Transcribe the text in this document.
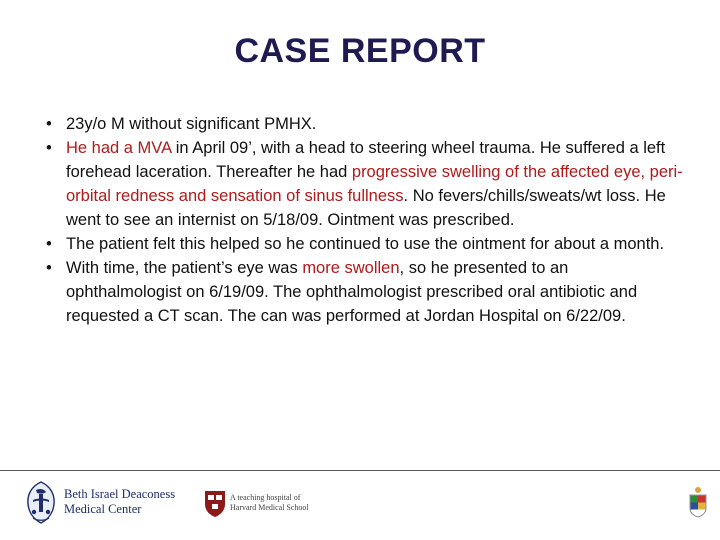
CASE REPORT
• 23y/o M without significant PMHX.
• He had a MVA in April 09’, with a head to steering wheel trauma. He suffered a left forehead laceration. Thereafter he had progressive swelling of the affected eye, peri-orbital redness and sensation of sinus fullness. No fevers/chills/sweats/wt loss. He went to see an internist on 5/18/09. Ointment was prescribed.
• The patient felt this helped so he continued to use the ointment for about a month.
• With time, the patient’s eye was more swollen, so he presented to an ophthalmologist on 6/19/09. The ophthalmologist prescribed oral antibiotic and requested a CT scan. The can was performed at Jordan Hospital on 6/22/09.
Beth Israel Deaconess
Medical Center
A teaching hospital of
Harvard Medical School
